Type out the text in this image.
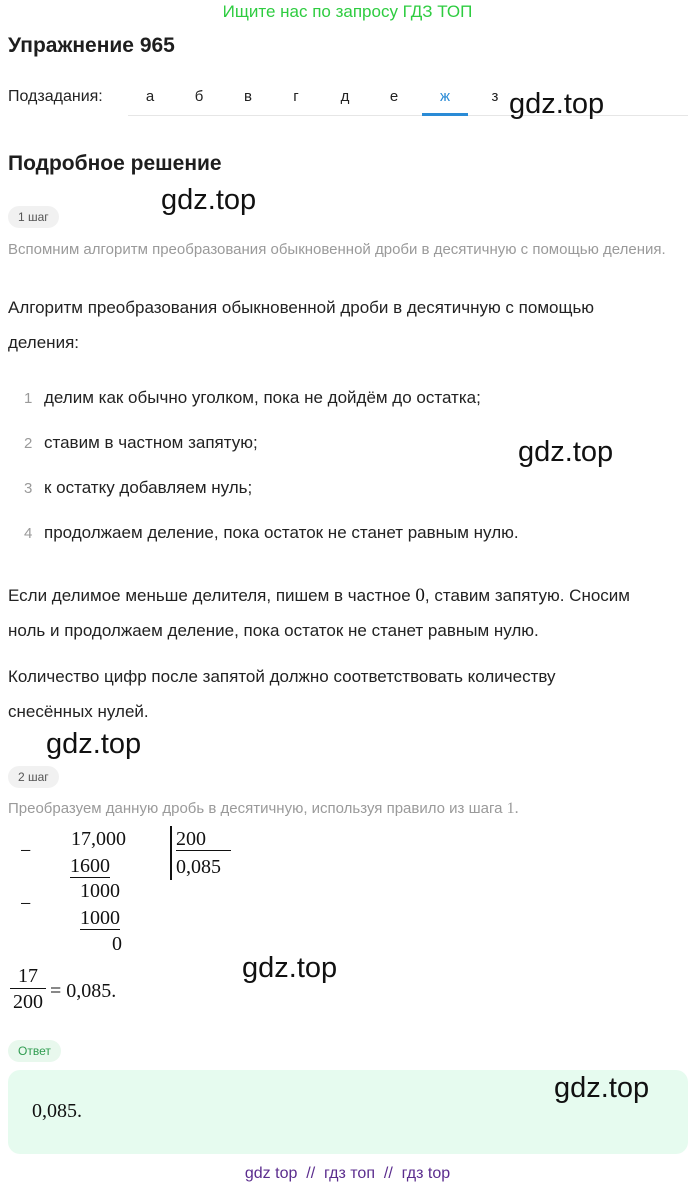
Ищите нас по запросу ГДЗ ТОП
Упражнение 965
Подзадания:	а	б	в	г	д	е	ж	з gdz.top
Подробное решение
gdz.top
1 шаг
Вспомним алгоритм преобразования обыкновенной дроби в десятичную с помощью деления.
Алгоритм преобразования обыкновенной дроби в десятичную с помощью
деления:
1 делим как обычно уголком, пока не дойдём до остатка;
2 ставим в частном запятую;
3 к остатку добавляем нуль;
4 продолжаем деление, пока остаток не станет равным нулю.
gdz.top
Если делимое меньше делителя, пишем в частное 0, ставим запятую. Сносим
ноль и продолжаем деление, пока остаток не станет равным нулю.
Количество цифр после запятой должно соответствовать количеству
снесённых нулей.
gdz.top
2 шаг
Преобразуем данную дробь в десятичную, используя правило из шага 1.
−
17,000
1600
200
0,085
−
1000
1000
0
$\frac{17}{200} = 0,085$.
gdz.top
Ответ
0,085.
gdz.top
gdz top  //  гдз топ  //  гдз top
